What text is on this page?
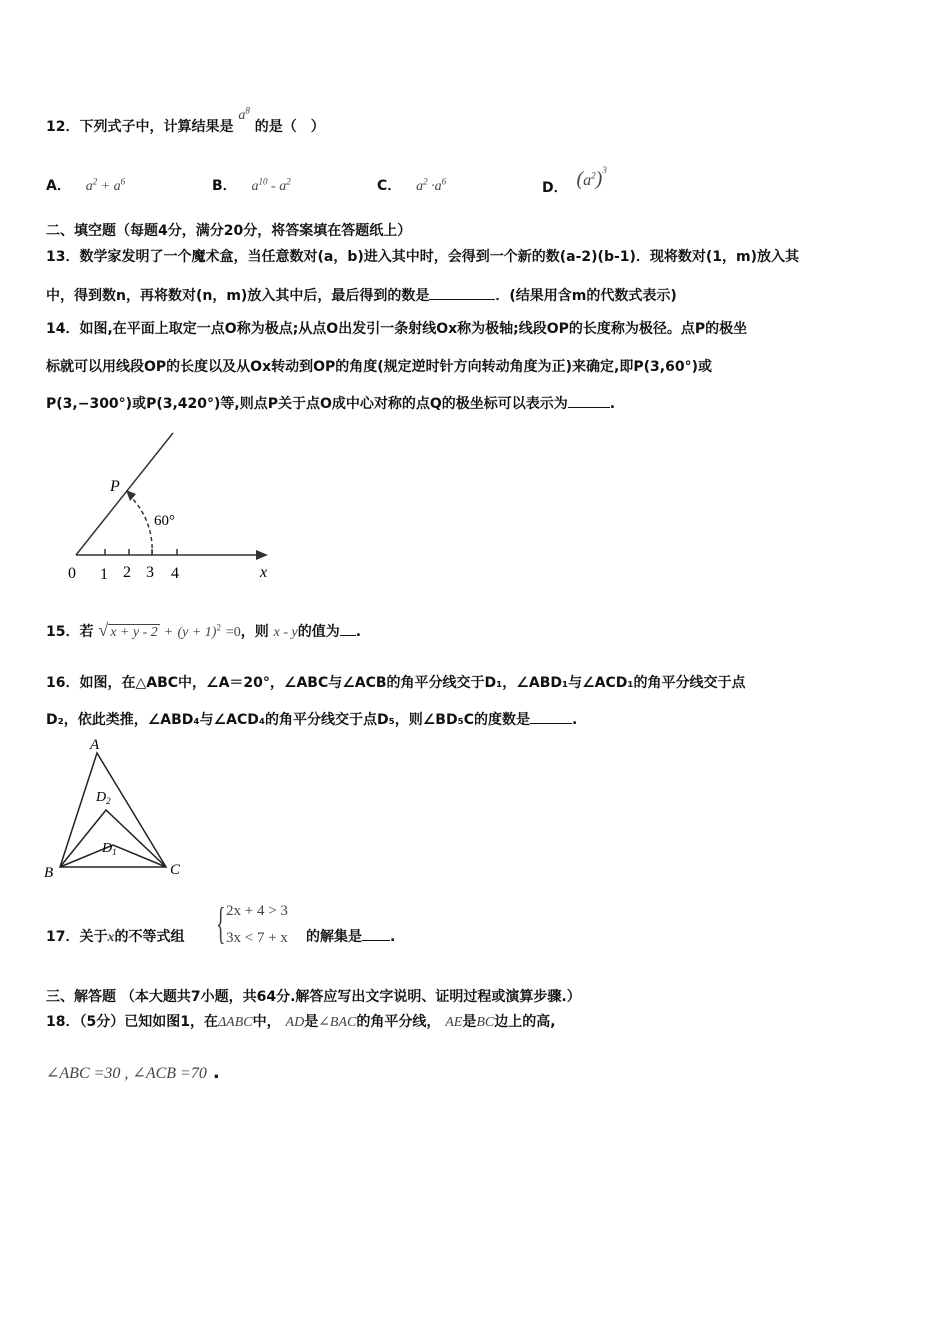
12．下列式子中，计算结果是 $a^8$ 的是（　）
A． $a^2 + a^6$	B． $a^{10} - a^2$	C． $a^2 \cdot a^6$	D． $(a^2)^3$
二、填空题（每题4分，满分20分，将答案填在答题纸上）
13．数学家发明了一个魔术盒，当任意数对(a，b)进入其中时，会得到一个新的数(a-2)(b-1)．现将数对(1，m)放入其
中，得到数n，再将数对(n，m)放入其中后，最后得到的数是	．(结果用含m的代数式表示)
14．如图,在平面上取定一点O称为极点;从点O出发引一条射线Ox称为极轴;线段OP的长度称为极径。点P的极坐
标就可以用线段OP的长度以及从Ox转动到OP的角度(规定逆时针方向转动角度为正)来确定,即P(3,60°)或
P(3,−300°)或P(3,420°)等,则点P关于点O成中心对称的点Q的极坐标可以表示为	.
P
60°
x
0 1 2 3 4
15．若 √ $x + y - 2 + (y + 1)^2 =0$，则 x - y的值为 .
16．如图，在△ABC中，∠A＝20°，∠ABC与∠ACB的角平分线交于D₁，∠ABD₁与∠ACD₁的角平分线交于点
D₂，依此类推，∠ABD₄与∠ACD₄的角平分线交于点D₅，则∠BD₅C的度数是	.
A
B	C
$D_2$
$D_1$
17．关于x的不等式组 { 2x + 4 > 3
3x < 7 + x 的解集是 .
三、解答题 （本大题共7小题，共64分.解答应写出文字说明、证明过程或演算步骤.）
18．（5分）已知如图1，在ΔABC中， AD是∠BAC的角平分线， AE是BC边上的高,
∠ABC =30 , ∠ACB =70 .
